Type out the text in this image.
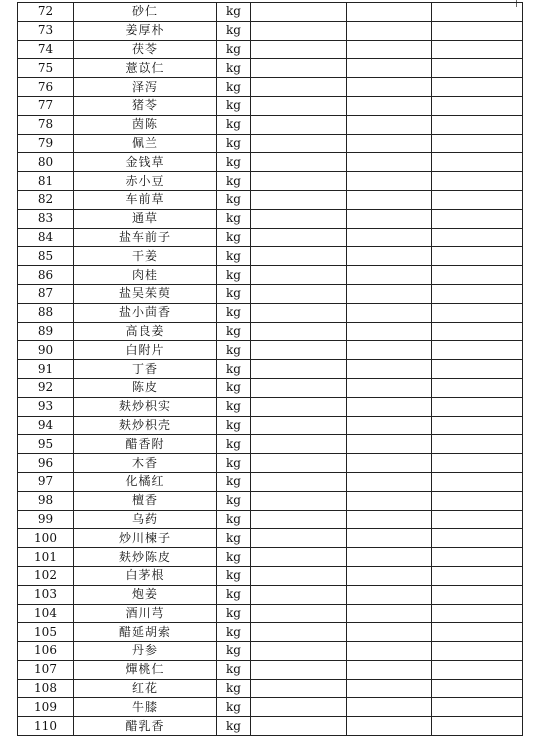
72	砂仁	kg			
73	姜厚朴	kg			
74	茯苓	kg			
75	薏苡仁	kg			
76	泽泻	kg			
77	猪苓	kg			
78	茵陈	kg			
79	佩兰	kg			
80	金钱草	kg			
81	赤小豆	kg			
82	车前草	kg			
83	通草	kg			
84	盐车前子	kg			
85	干姜	kg			
86	肉桂	kg			
87	盐吴茱萸	kg			
88	盐小茴香	kg			
89	高良姜	kg			
90	白附片	kg			
91	丁香	kg			
92	陈皮	kg			
93	麸炒枳实	kg			
94	麸炒枳壳	kg			
95	醋香附	kg			
96	木香	kg			
97	化橘红	kg			
98	檀香	kg			
99	乌药	kg			
100	炒川楝子	kg			
101	麸炒陈皮	kg			
102	白茅根	kg			
103	炮姜	kg			
104	酒川芎	kg			
105	醋延胡索	kg			
106	丹参	kg			
107	燀桃仁	kg			
108	红花	kg			
109	牛膝	kg			
110	醋乳香	kg			
